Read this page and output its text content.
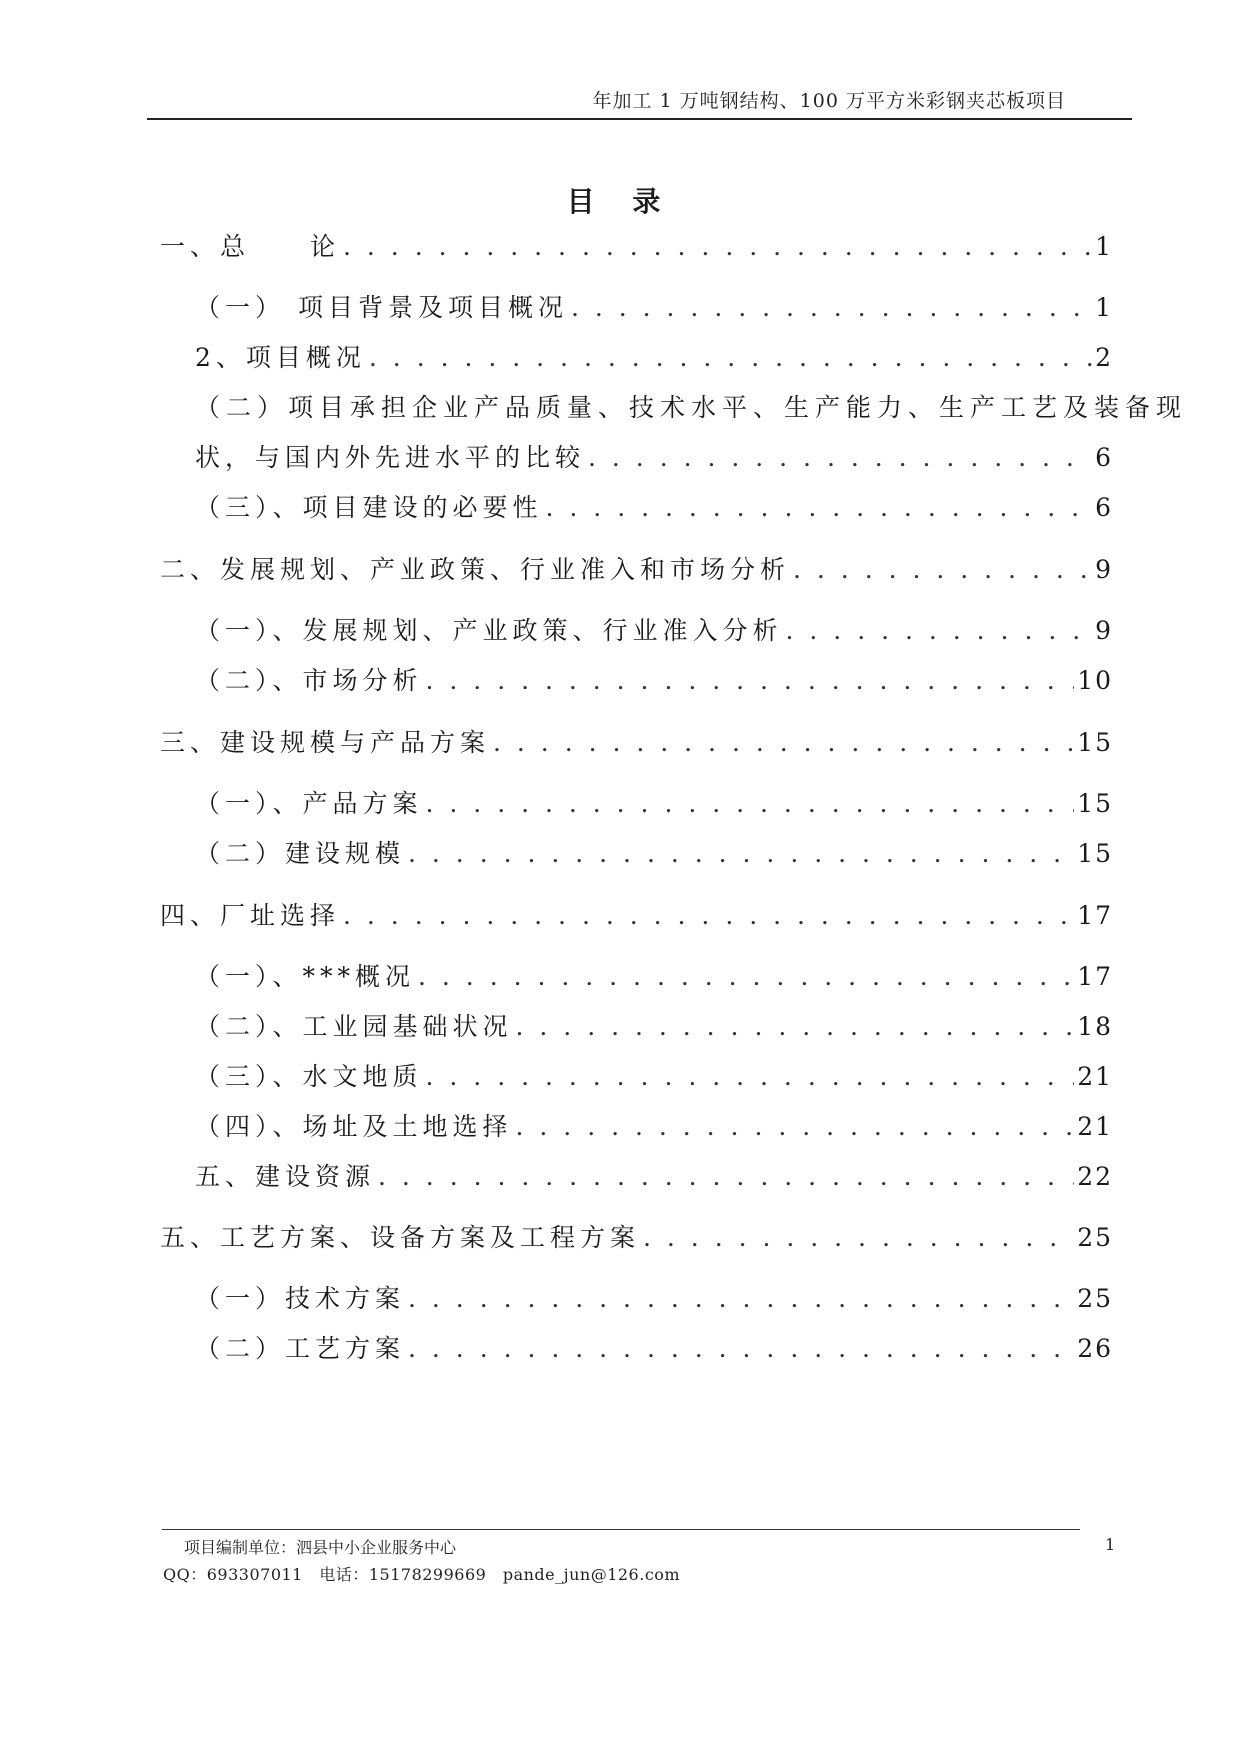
年加工 1 万吨钢结构、100 万平方米彩钢夹芯板项目
目 录
一、总　　论 . . .	1
（一） 项目背景及项目概况 . . .	1
2、项目概况 . . .	2
（二）项目承担企业产品质量、技术水平、生产能力、生产工艺及装备现
状，与国内外先进水平的比较 . . .	6
（三）、项目建设的必要性 . . .	6
二、发展规划、产业政策、行业准入和市场分析 . . .	9
（一）、发展规划、产业政策、行业准入分析 . . .	9
（二）、市场分析 . . .	10
三、建设规模与产品方案 . . .	15
（一）、产品方案 . . .	15
（二）建设规模 . . .	15
四、厂址选择 . . .	17
（一）、***概况 . . .	17
（二）、工业园基础状况 . . .	18
（三）、水文地质 . . .	21
（四）、场址及土地选择 . . .	21
五、建设资源 . . .	22
五、工艺方案、设备方案及工程方案 . . .	25
（一）技术方案 . . .	25
（二）工艺方案 . . .	26
项目编制单位：泗县中小企业服务中心	1
QQ：693307011　电话：15178299669　pande_jun@126.com
